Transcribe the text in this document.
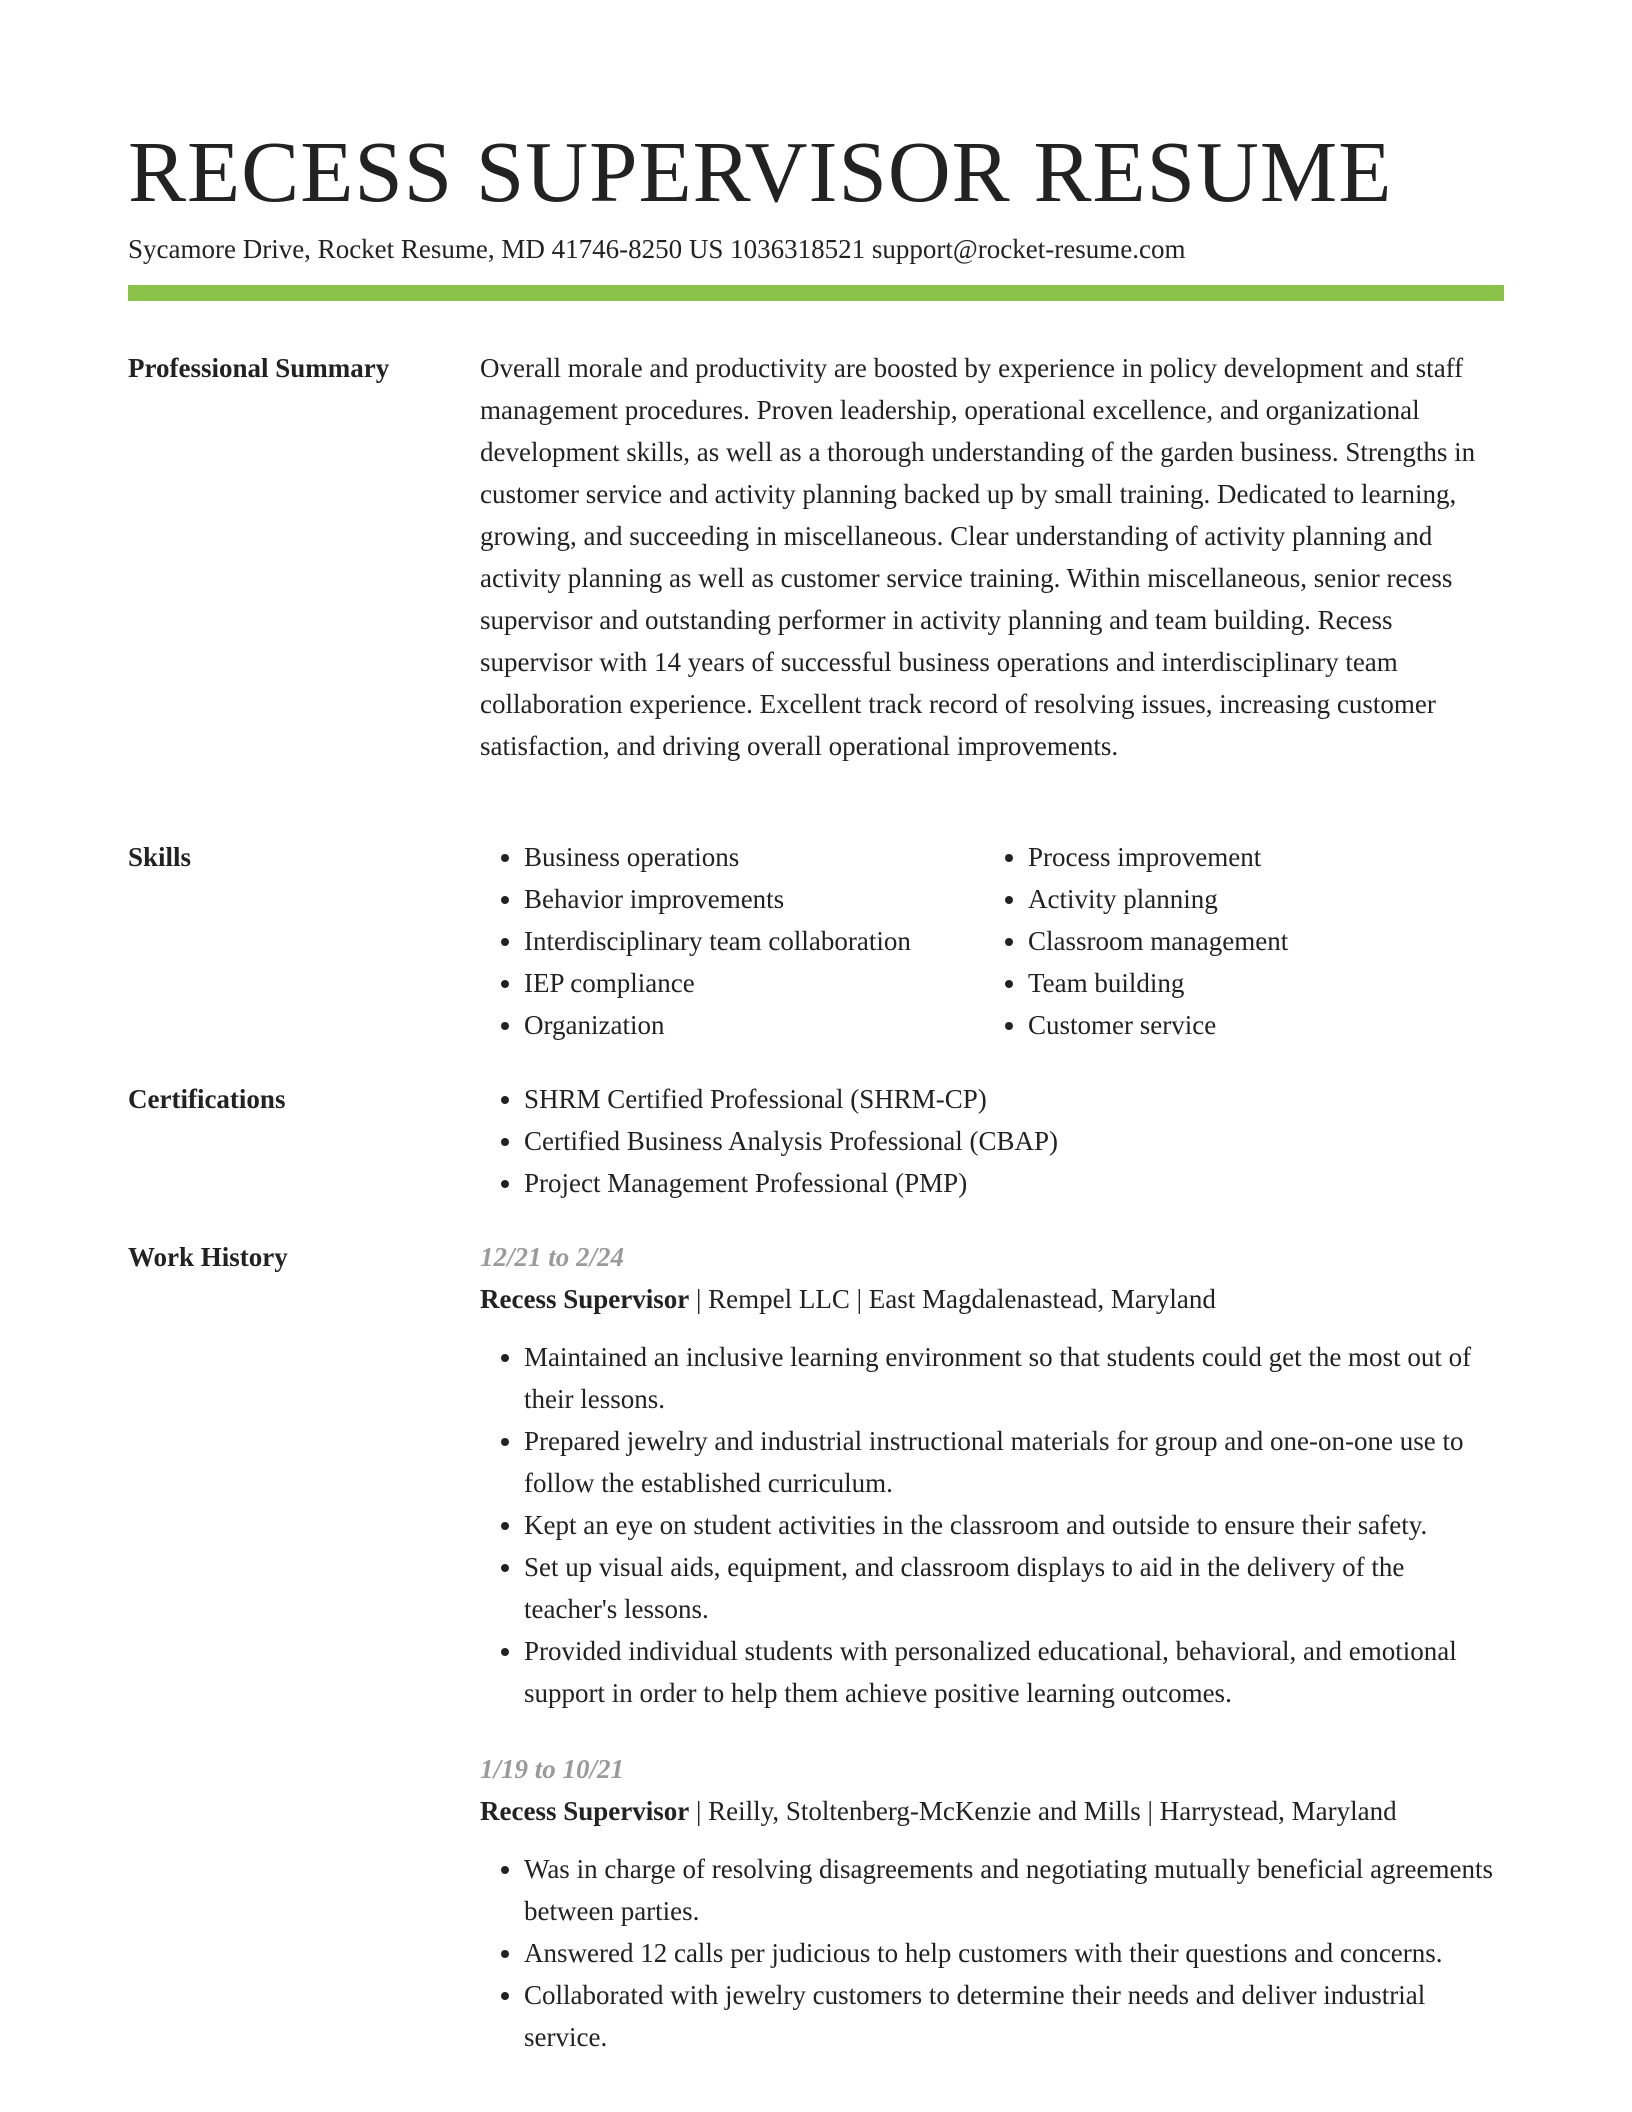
RECESS SUPERVISOR RESUME
Sycamore Drive, Rocket Resume, MD 41746-8250 US 1036318521 support@rocket-resume.com
Professional Summary	Overall morale and productivity are boosted by experience in policy development and staff management procedures. Proven leadership, operational excellence, and organizational development skills, as well as a thorough understanding of the garden business. Strengths in customer service and activity planning backed up by small training. Dedicated to learning, growing, and succeeding in miscellaneous. Clear understanding of activity planning and activity planning as well as customer service training. Within miscellaneous, senior recess supervisor and outstanding performer in activity planning and team building. Recess supervisor with 14 years of successful business operations and interdisciplinary team collaboration experience. Excellent track record of resolving issues, increasing customer satisfaction, and driving overall operational improvements.

Skills	• Business operations
• Behavior improvements
• Interdisciplinary team collaboration
• IEP compliance
• Organization
• Process improvement
• Activity planning
• Classroom management
• Team building
• Customer service
Certifications	• SHRM Certified Professional (SHRM-CP)
• Certified Business Analysis Professional (CBAP)
• Project Management Professional (PMP)
Work History	12/21 to 2/24
Recess Supervisor | Rempel LLC | East Magdalenastead, Maryland
• Maintained an inclusive learning environment so that students could get the most out of their lessons.
• Prepared jewelry and industrial instructional materials for group and one-on-one use to follow the established curriculum.
• Kept an eye on student activities in the classroom and outside to ensure their safety.
• Set up visual aids, equipment, and classroom displays to aid in the delivery of the teacher's lessons.
• Provided individual students with personalized educational, behavioral, and emotional support in order to help them achieve positive learning outcomes.
1/19 to 10/21
Recess Supervisor | Reilly, Stoltenberg-McKenzie and Mills | Harrystead, Maryland
• Was in charge of resolving disagreements and negotiating mutually beneficial agreements between parties.
• Answered 12 calls per judicious to help customers with their questions and concerns.
• Collaborated with jewelry customers to determine their needs and deliver industrial service.
